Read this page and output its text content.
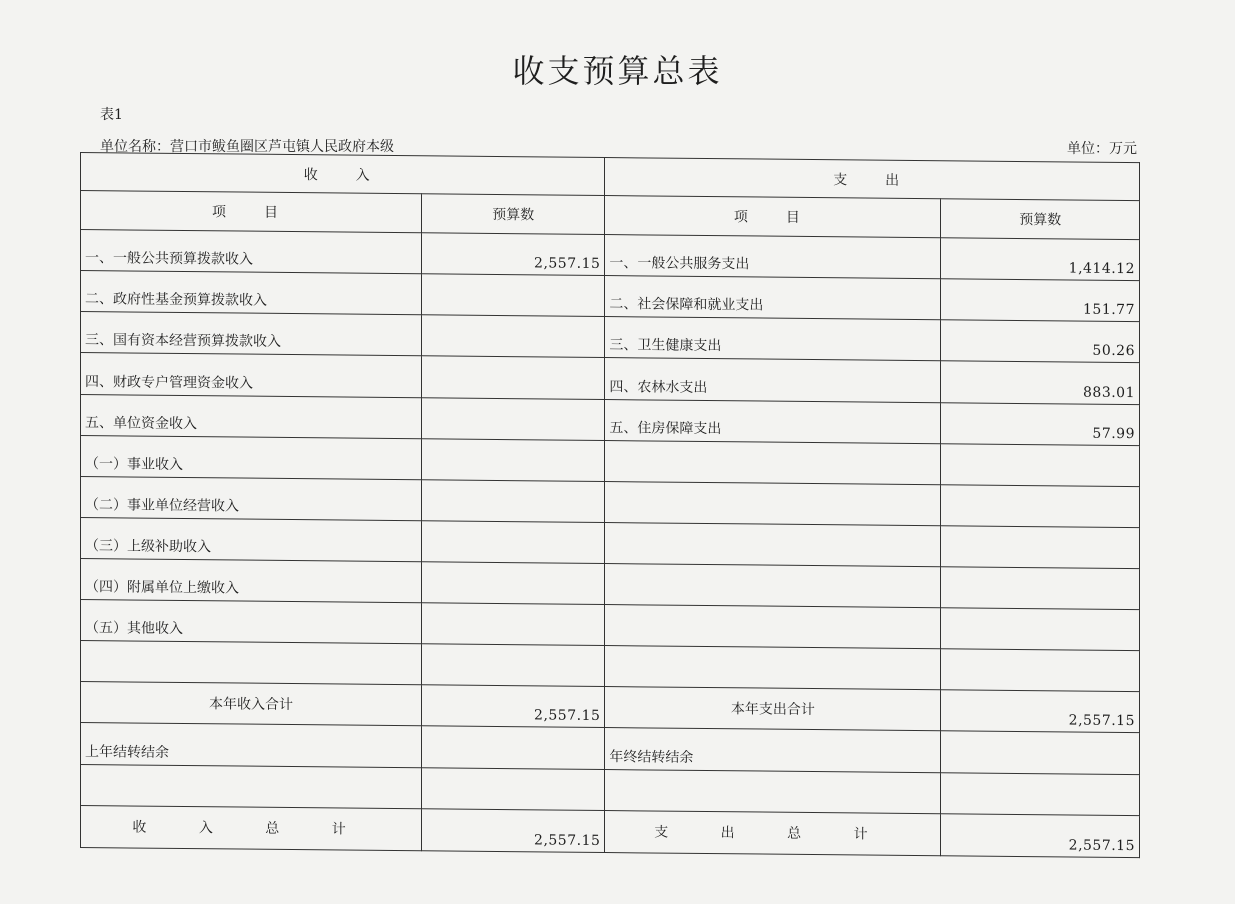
收支预算总表
表1
单位名称：营口市鲅鱼圈区芦屯镇人民政府本级	单位：万元
收　入		支　出	
项　目	预算数	项　目	预算数
一、一般公共预算拨款收入	2,557.15	一、一般公共服务支出	1,414.12
二、政府性基金预算拨款收入		二、社会保障和就业支出	151.77
三、国有资本经营预算拨款收入		三、卫生健康支出	50.26
四、财政专户管理资金收入		四、农林水支出	883.01
五、单位资金收入		五、住房保障支出	57.99
（一）事业收入			
（二）事业单位经营收入			
（三）上级补助收入			
（四）附属单位上缴收入			
（五）其他收入			

本年收入合计	2,557.15	本年支出合计	2,557.15
上年结转结余		年终结转结余	

收 入 总 计	2,557.15	支 出 总 计	2,557.15
